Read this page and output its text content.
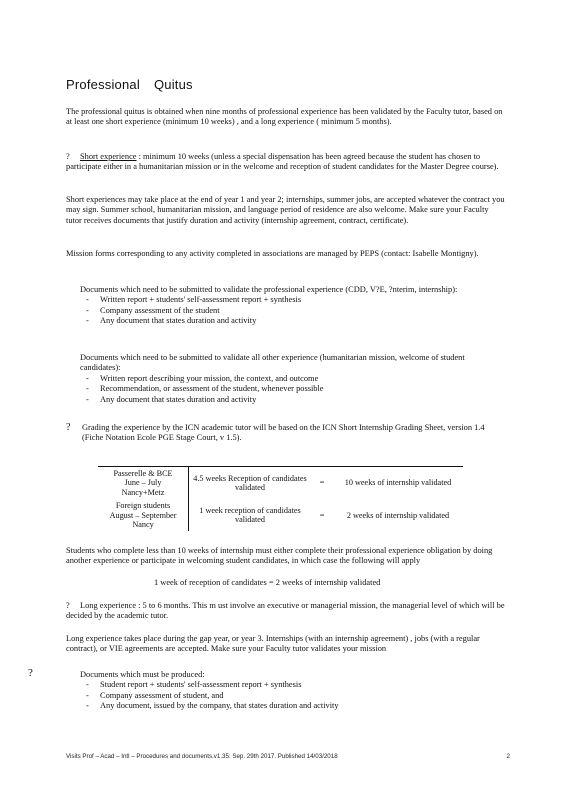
Professional Quitus
The professional quitus is obtained when nine months of professional experience has been validated by the Faculty tutor, based on at least one short experience (minimum 10 weeks) , and a long experience ( minimum 5 months).
? Short experience : minimum 10 weeks (unless a special dispensation has been agreed because the student has chosen to participate either in a humanitarian mission or in the welcome and reception of student candidates for the Master Degree course).
Short experiences may take place at the end of year 1 and year 2; internships, summer jobs, are accepted whatever the contract you may sign. Summer school, humanitarian mission, and language period of residence are also welcome. Make sure your Faculty tutor receives documents that justify duration and activity (internship agreement, contract, certificate).
Mission forms corresponding to any activity completed in associations are managed by PEPS (contact: Isabelle Montigny).
Documents which need to be submitted to validate the professional experience (CDD, V?E, ?nterim, internship):
- Written report + students' self-assessment report + synthesis
- Company assessment of the student
- Any document that states duration and activity
Documents which need to be submitted to validate all other experience (humanitarian mission, welcome of student candidates):
- Written report describing your mission, the context, and outcome
- Recommendation, or assessment of the student, whenever possible
- Any document that states duration and activity
? Grading the experience by the ICN academic tutor will be based on the ICN Short Internship Grading Sheet, version 1.4 (Fiche Notation Ecole PGE Stage Court, v 1.5).
Passerelle & BCE
June – July
Nancy+Metz	4.5 weeks Reception of candidates validated	=	10 weeks of internship validated

Foreign students
August – September
Nancy	1 week reception of candidates validated	=	2 weeks of internship validated
Students who complete less than 10 weeks of internship must either complete their professional experience obligation by doing another experience or participate in welcoming student candidates, in which case the following will apply
1 week of reception of candidates = 2 weeks of internship validated
? Long experience : 5 to 6 months. This m ust involve an executive or managerial mission, the managerial level of which will be decided by the academic tutor.
Long experience takes place during the gap year, or year 3. Internships (with an internship agreement) , jobs (with a regular contract), or VIE agreements are accepted. Make sure your Faculty tutor validates your mission
?	Documents which must be produced:
- Student report + students' self-assessment report + synthesis
- Company assessment of student, and
- Any document, issued by the company, that states duration and activity
Visits Prof – Acad – Intl – Procedures and documents.v1.35: Sep. 29th 2017. Published 14/03/2018	2
